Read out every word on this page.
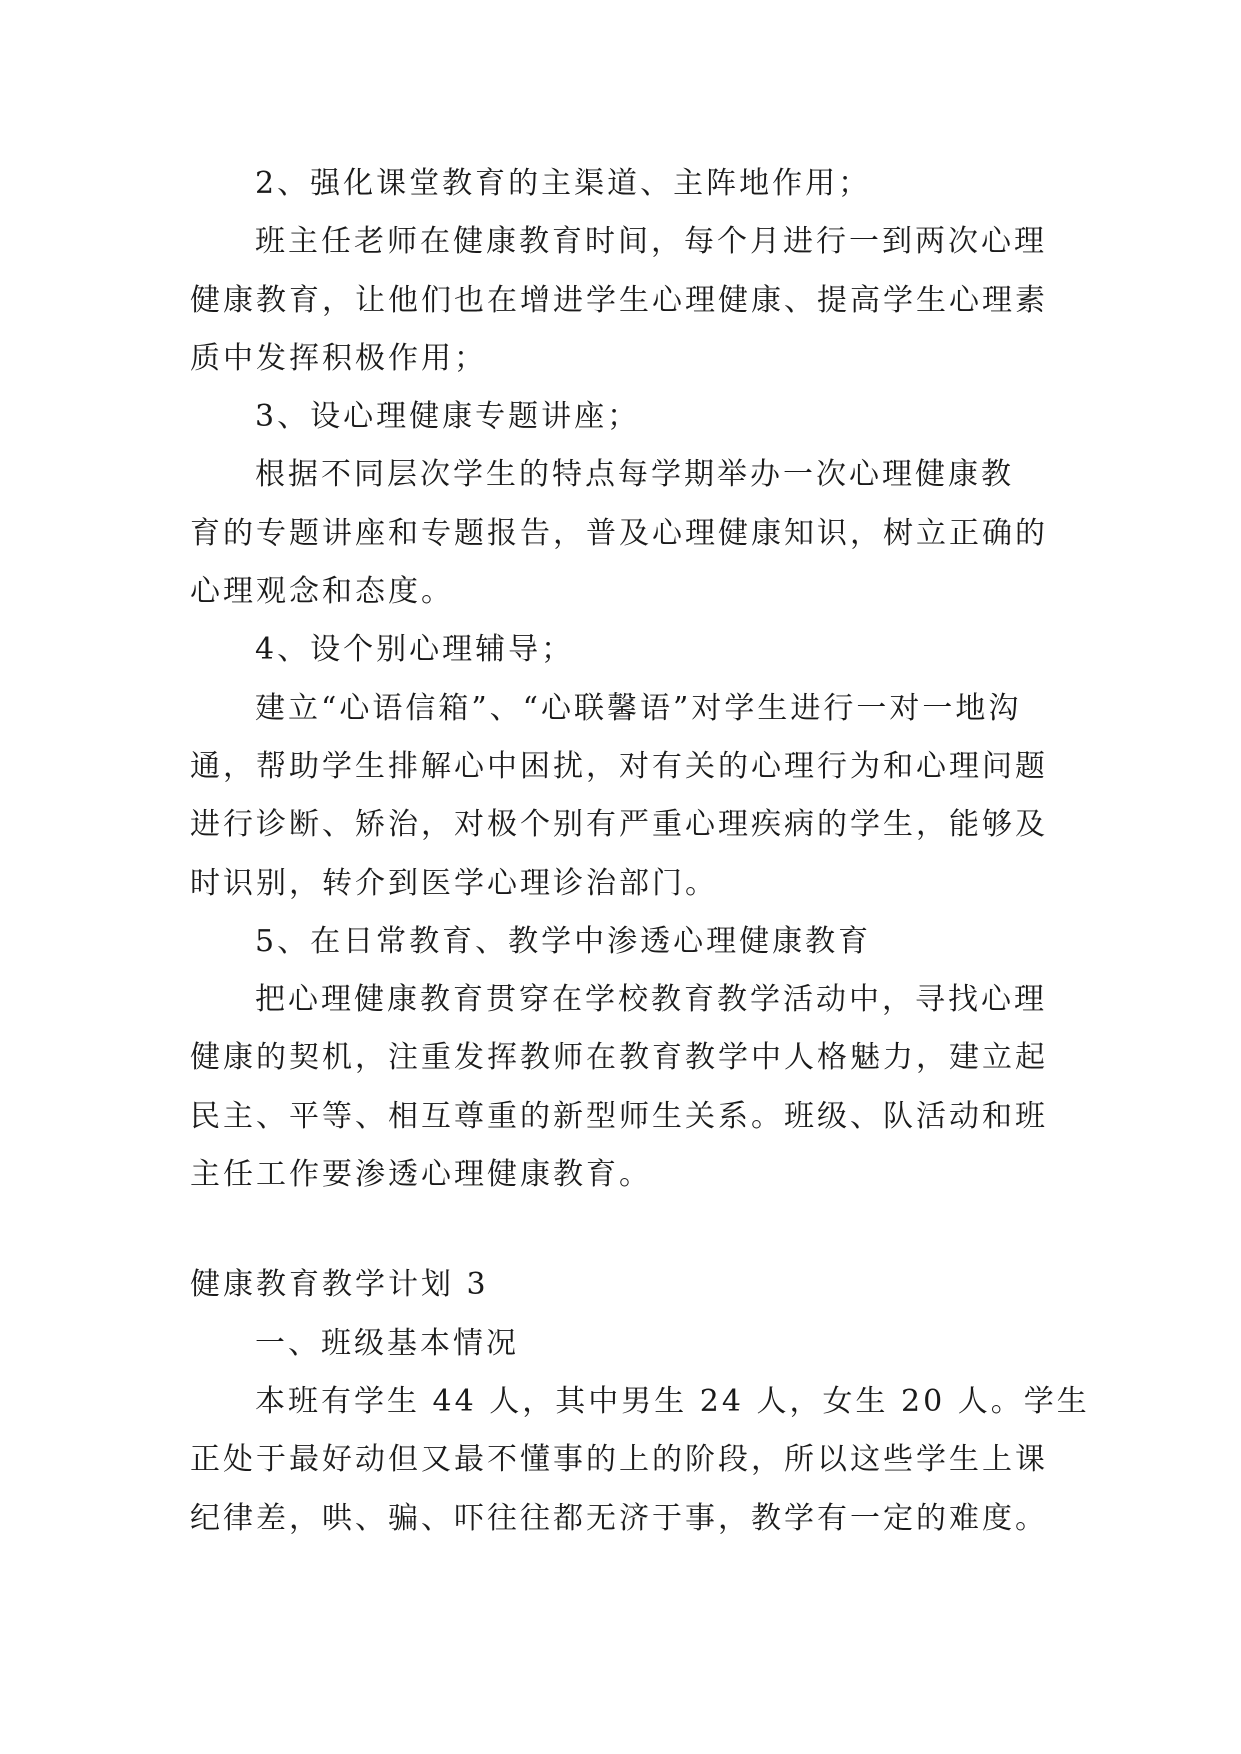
2、强化课堂教育的主渠道、主阵地作用；
班主任老师在健康教育时间，每个月进行一到两次心理
健康教育，让他们也在增进学生心理健康、提高学生心理素
质中发挥积极作用；
3、设心理健康专题讲座；
根据不同层次学生的特点每学期举办一次心理健康教
育的专题讲座和专题报告，普及心理健康知识，树立正确的
心理观念和态度。
4、设个别心理辅导；
建立“心语信箱”、“心联馨语”对学生进行一对一地沟
通，帮助学生排解心中困扰，对有关的心理行为和心理问题
进行诊断、矫治，对极个别有严重心理疾病的学生，能够及
时识别，转介到医学心理诊治部门。
5、在日常教育、教学中渗透心理健康教育
把心理健康教育贯穿在学校教育教学活动中，寻找心理
健康的契机，注重发挥教师在教育教学中人格魅力，建立起
民主、平等、相互尊重的新型师生关系。班级、队活动和班
主任工作要渗透心理健康教育。
健康教育教学计划 3
一、班级基本情况
本班有学生 44 人，其中男生 24 人，女生 20 人。学生
正处于最好动但又最不懂事的上的阶段，所以这些学生上课
纪律差，哄、骗、吓往往都无济于事，教学有一定的难度。
